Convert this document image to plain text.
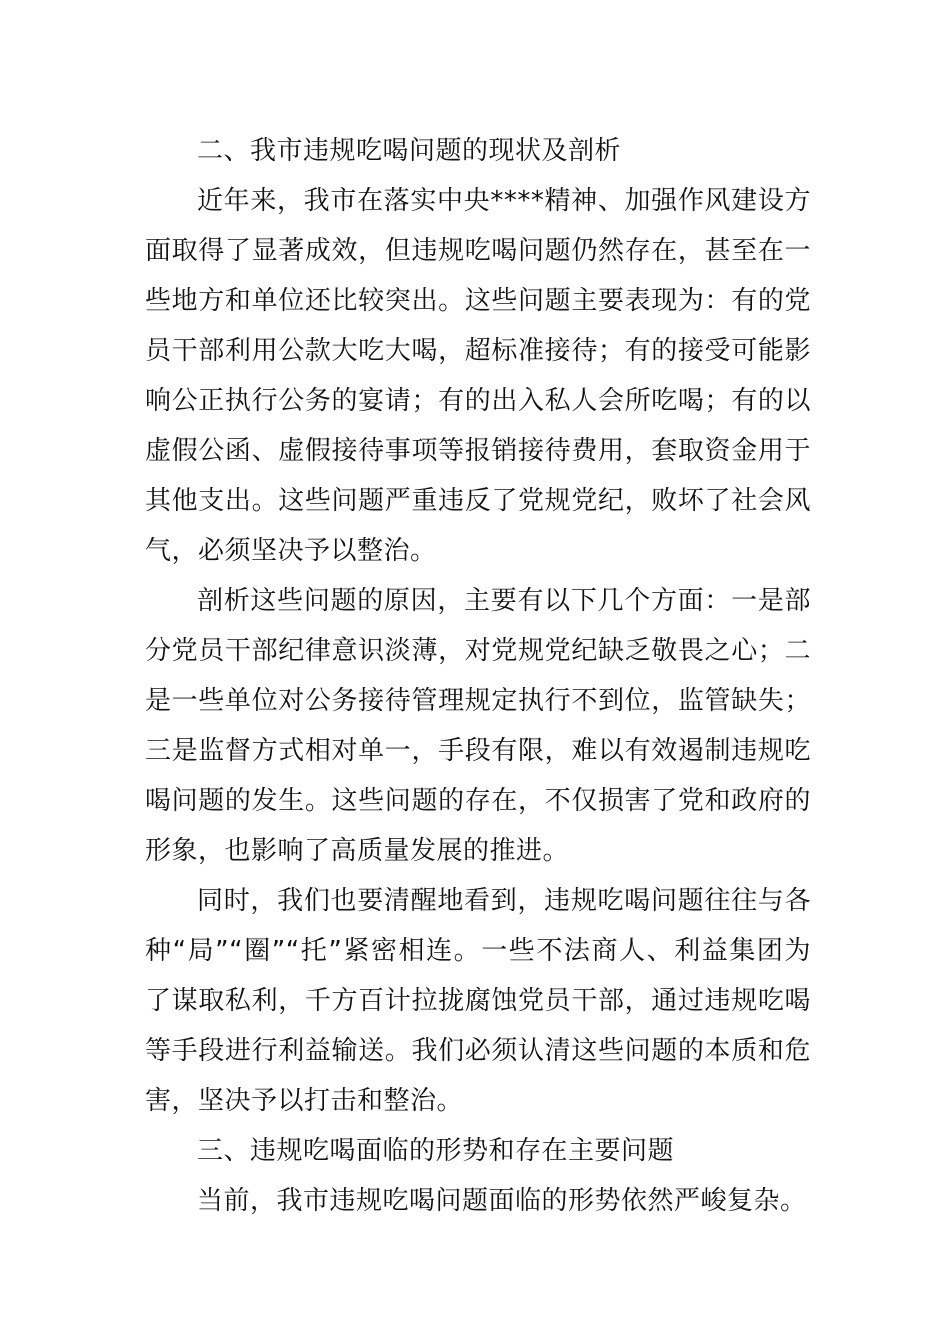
二、我市违规吃喝问题的现状及剖析

近年来，我市在落实中央****精神、加强作风建设方面取得了显著成效，但违规吃喝问题仍然存在，甚至在一些地方和单位还比较突出。这些问题主要表现为：有的党员干部利用公款大吃大喝，超标准接待；有的接受可能影响公正执行公务的宴请；有的出入私人会所吃喝；有的以虚假公函、虚假接待事项等报销接待费用，套取资金用于其他支出。这些问题严重违反了党规党纪，败坏了社会风气，必须坚决予以整治。

剖析这些问题的原因，主要有以下几个方面：一是部分党员干部纪律意识淡薄，对党规党纪缺乏敬畏之心；二是一些单位对公务接待管理规定执行不到位，监管缺失；三是监督方式相对单一，手段有限，难以有效遏制违规吃喝问题的发生。这些问题的存在，不仅损害了党和政府的形象，也影响了高质量发展的推进。

同时，我们也要清醒地看到，违规吃喝问题往往与各种“局”“圈”“托”紧密相连。一些不法商人、利益集团为了谋取私利，千方百计拉拢腐蚀党员干部，通过违规吃喝等手段进行利益输送。我们必须认清这些问题的本质和危害，坚决予以打击和整治。

三、违规吃喝面临的形势和存在主要问题

当前，我市违规吃喝问题面临的形势依然严峻复杂。
